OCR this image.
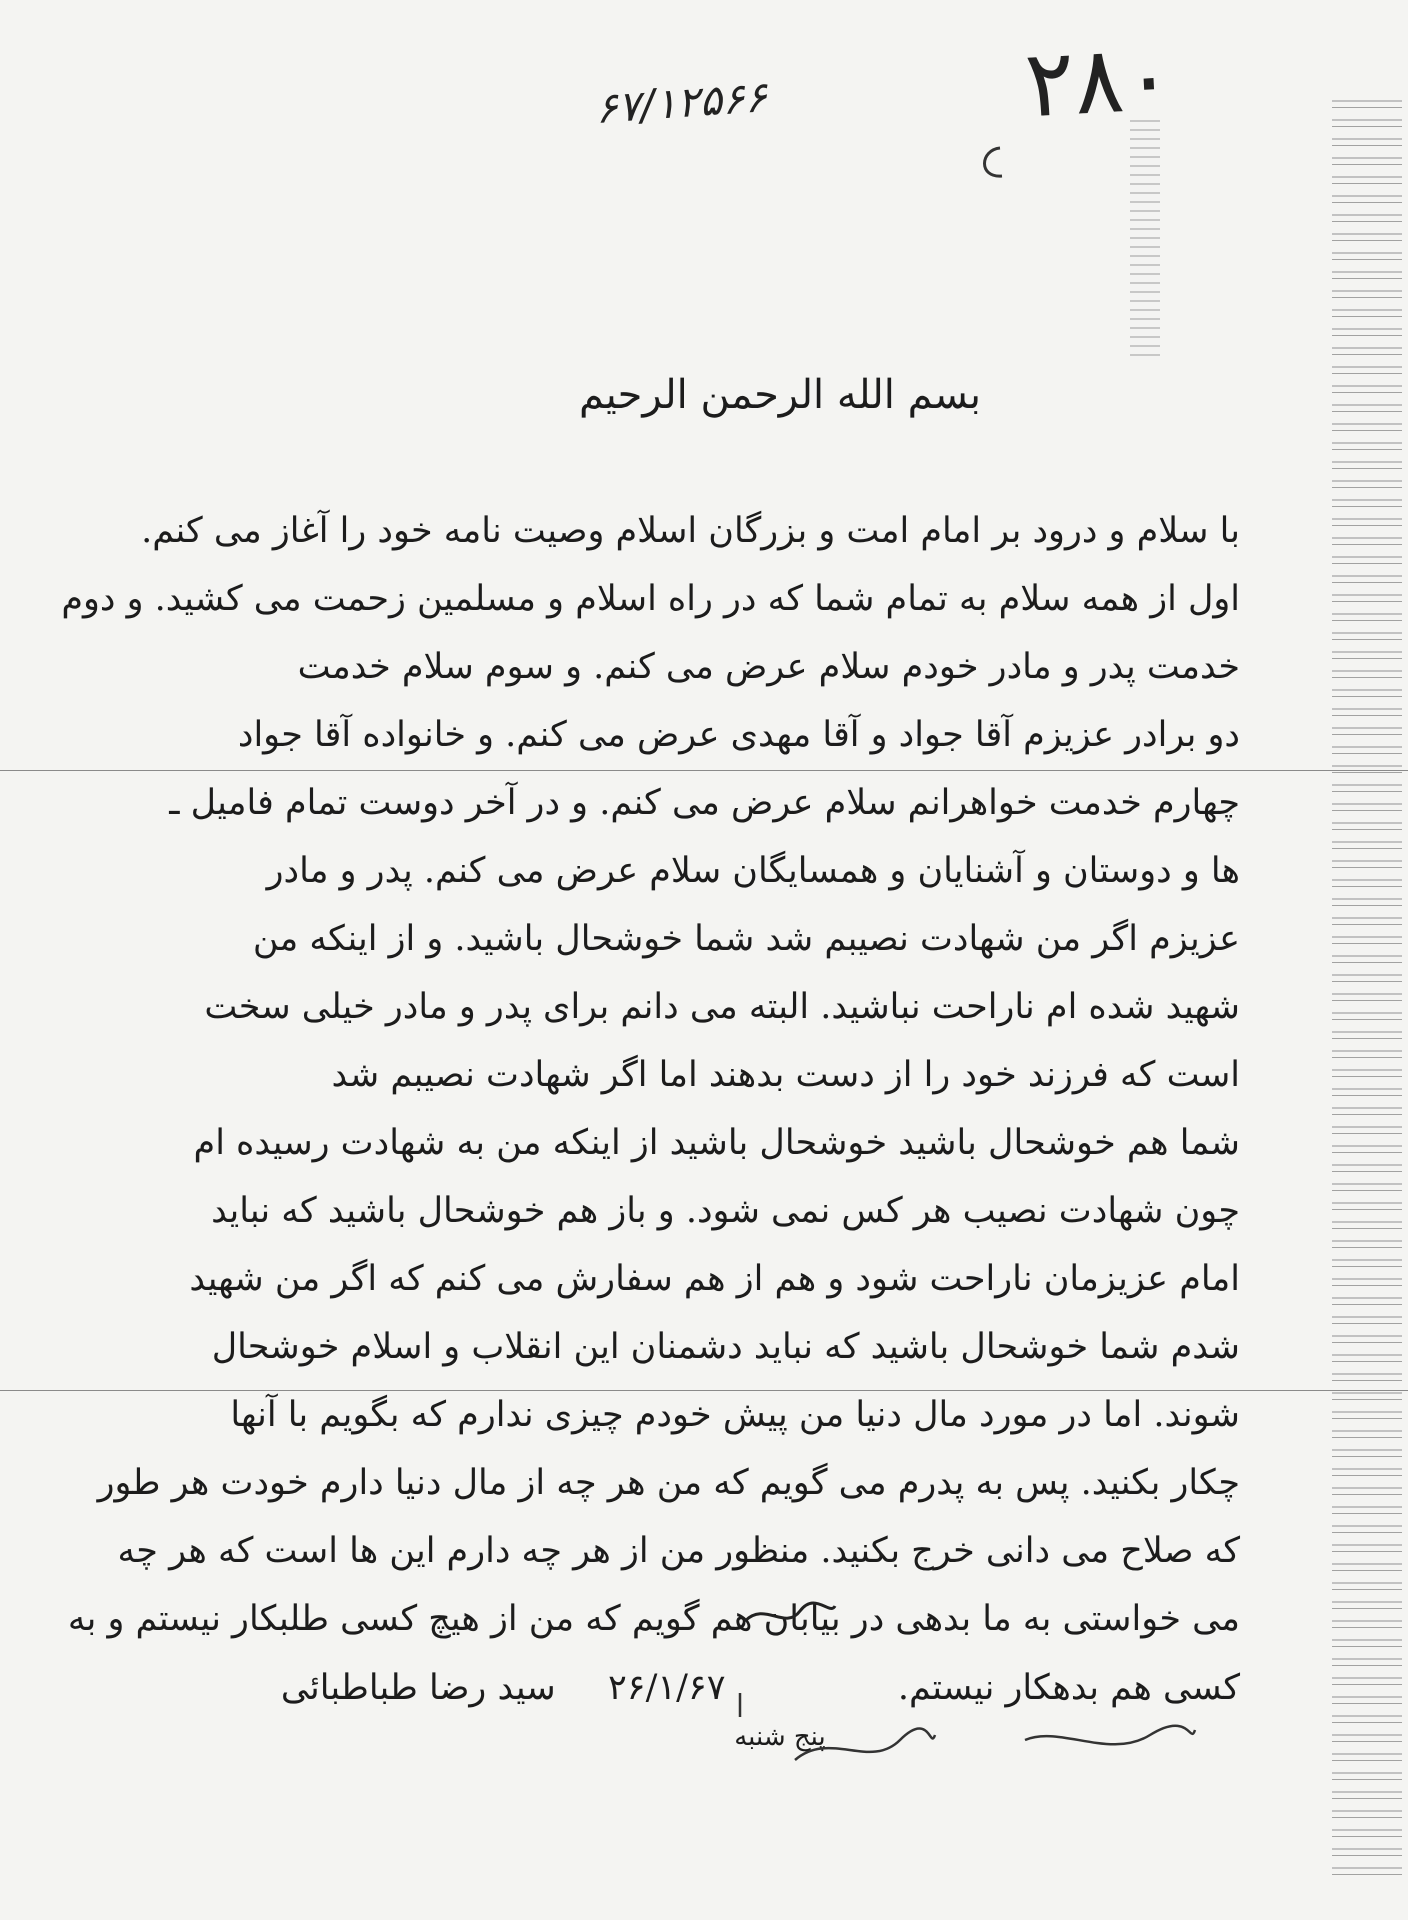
۶۷/۱۲۵۶۶	۲۸۰
بسم الله الرحمن الرحیم
با سلام و درود بر امام امت و بزرگان اسلام وصیت نامه خود را آغاز می کنم.
اول از همه سلام به تمام شما که در راه اسلام و مسلمین زحمت می کشید. و دوم
خدمت پدر و مادر خودم سلام عرض می کنم. و سوم سلام خدمت
دو برادر عزیزم آقا جواد و آقا مهدی عرض می کنم. و خانواده آقا جواد
چهارم خدمت خواهرانم سلام عرض می کنم. و در آخر دوست تمام فامیل ـ
ها و دوستان و آشنایان و همسایگان سلام عرض می کنم. پدر و مادر
عزیزم اگر من شهادت نصیبم شد شما خوشحال باشید. و از اینکه من
شهید شده ام ناراحت نباشید. البته می دانم برای پدر و مادر خیلی سخت
است که فرزند خود را از دست بدهند اما اگر شهادت نصیبم شد
شما هم خوشحال باشید خوشحال باشید از اینکه من به شهادت رسیده ام
چون شهادت نصیب هر کس نمی شود. و باز هم خوشحال باشید که نباید
امام عزیزمان ناراحت شود و هم از هم سفارش می کنم که اگر من شهید
شدم شما خوشحال باشید که نباید دشمنان این انقلاب و اسلام خوشحال
شوند. اما در مورد مال دنیا من پیش خودم چیزی ندارم که بگویم با آنها
چکار بکنید. پس به پدرم می گویم که من هر چه از مال دنیا دارم خودت هر طور
که صلاح می دانی خرج بکنید. منظور من از هر چه دارم این ها است که هر چه
می خواستی به ما بدهی در بیابان هم گویم که من از هیچ کسی طلبکار نیستم و به
کسی هم بدهکار نیستم.  ۲۶/۱/۶۷  سید رضا طباطبائی
پنج شنبه
